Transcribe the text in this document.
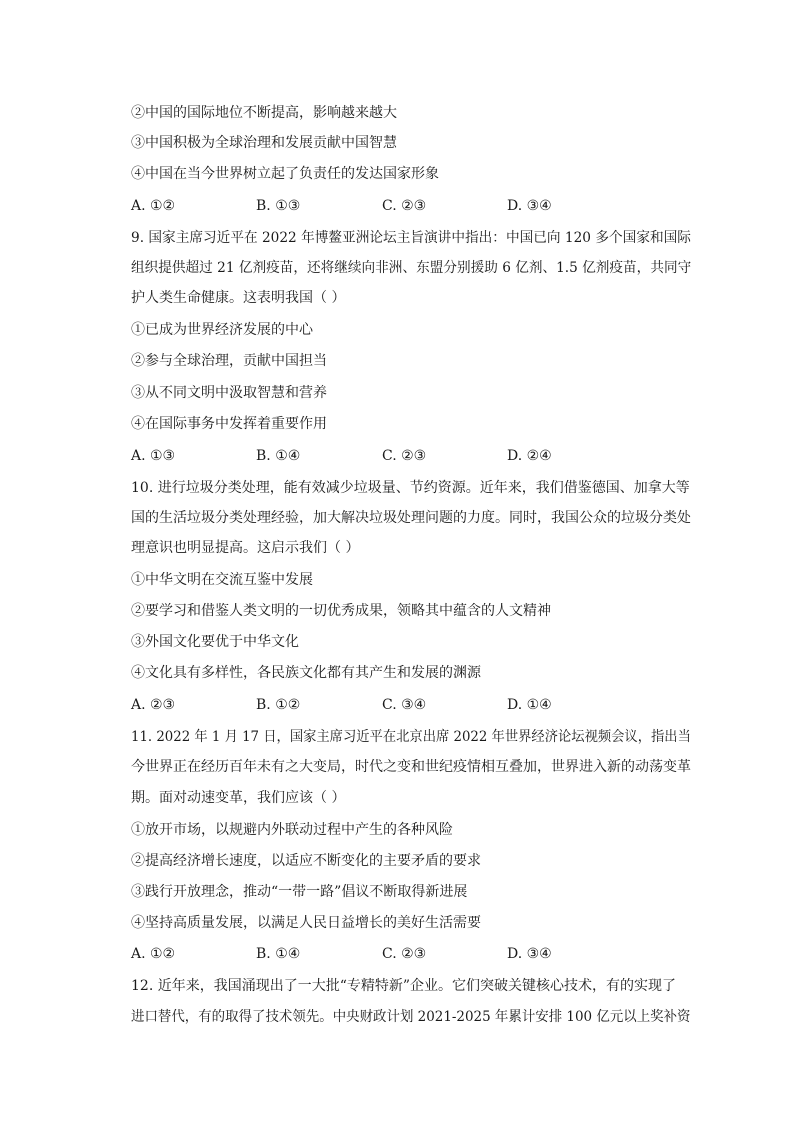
②中国的国际地位不断提高，影响越来越大
③中国积极为全球治理和发展贡献中国智慧
④中国在当今世界树立起了负责任的发达国家形象
A. ①②	B. ①③	C. ②③	D. ③④
9. 国家主席习近平在 2022 年博鳌亚洲论坛主旨演讲中指出：中国已向 120 多个国家和国际
组织提供超过 21 亿剂疫苗，还将继续向非洲、东盟分别援助 6 亿剂、1.5 亿剂疫苗，共同守
护人类生命健康。这表明我国（ ）
①已成为世界经济发展的中心
②参与全球治理，贡献中国担当
③从不同文明中汲取智慧和营养
④在国际事务中发挥着重要作用
A. ①③	B. ①④	C. ②③	D. ②④
10. 进行垃圾分类处理，能有效减少垃圾量、节约资源。近年来，我们借鉴德国、加拿大等
国的生活垃圾分类处理经验，加大解决垃圾处理问题的力度。同时，我国公众的垃圾分类处
理意识也明显提高。这启示我们（ ）
①中华文明在交流互鉴中发展
②要学习和借鉴人类文明的一切优秀成果，领略其中蕴含的人文精神
③外国文化要优于中华文化
④文化具有多样性，各民族文化都有其产生和发展的渊源
A. ②③	B. ①②	C. ③④	D. ①④
11. 2022 年 1 月 17 日，国家主席习近平在北京出席 2022 年世界经济论坛视频会议，指出当
今世界正在经历百年未有之大变局，时代之变和世纪疫情相互叠加，世界进入新的动荡变革
期。面对动速变革，我们应该（ ）
①放开市场，以规避内外联动过程中产生的各种风险
②提高经济增长速度，以适应不断变化的主要矛盾的要求
③践行开放理念，推动“一带一路”倡议不断取得新进展
④坚持高质量发展，以满足人民日益增长的美好生活需要
A. ①②	B. ①④	C. ②③	D. ③④
12. 近年来，我国涌现出了一大批“专精特新”企业。它们突破关键核心技术，有的实现了
进口替代，有的取得了技术领先。中央财政计划 2021-2025 年累计安排 100 亿元以上奖补资
